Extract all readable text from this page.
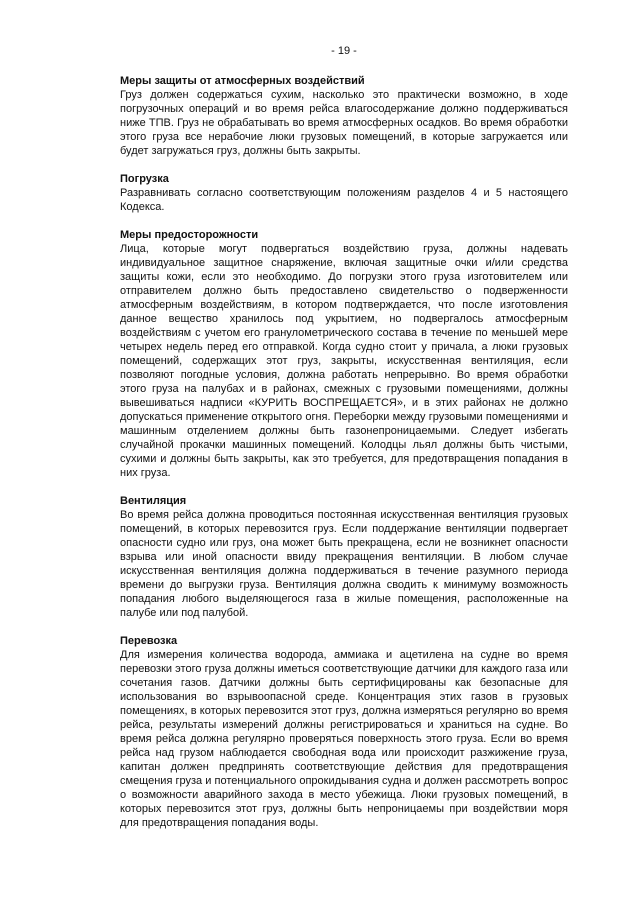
- 19 -

Меры защиты от атмосферных воздействий

Груз должен содержаться сухим, насколько это практически возможно, в ходе погрузочных операций и во время рейса влагосодержание должно поддерживаться ниже ТПВ. Груз не обрабатывать во время атмосферных осадков. Во время обработки этого груза все нерабочие люки грузовых помещений, в которые загружается или будет загружаться груз, должны быть закрыты.

Погрузка

Разравнивать согласно соответствующим положениям разделов 4 и 5 настоящего Кодекса.

Меры предосторожности

Лица, которые могут подвергаться воздействию груза, должны надевать индивидуальное защитное снаряжение, включая защитные очки и/или средства защиты кожи, если это необходимо. До погрузки этого груза изготовителем или отправителем должно быть предоставлено свидетельство о подверженности атмосферным воздействиям, в котором подтверждается, что после изготовления данное вещество хранилось под укрытием, но подвергалось атмосферным воздействиям с учетом его гранулометрического состава в течение по меньшей мере четырех недель перед его отправкой. Когда судно стоит у причала, а люки грузовых помещений, содержащих этот груз, закрыты, искусственная вентиляция, если позволяют погодные условия, должна работать непрерывно. Во время обработки этого груза на палубах и в районах, смежных с грузовыми помещениями, должны вывешиваться надписи «КУРИТЬ ВОСПРЕЩАЕТСЯ», и в этих районах не должно допускаться применение открытого огня. Переборки между грузовыми помещениями и машинным отделением должны быть газонепроницаемыми. Следует избегать случайной прокачки машинных помещений. Колодцы льял должны быть чистыми, сухими и должны быть закрыты, как это требуется, для предотвращения попадания в них груза.

Вентиляция

Во время рейса должна проводиться постоянная искусственная вентиляция грузовых помещений, в которых перевозится груз. Если поддержание вентиляции подвергает опасности судно или груз, она может быть прекращена, если не возникнет опасности взрыва или иной опасности ввиду прекращения вентиляции. В любом случае искусственная вентиляция должна поддерживаться в течение разумного периода времени до выгрузки груза. Вентиляция должна сводить к минимуму возможность попадания любого выделяющегося газа в жилые помещения, расположенные на палубе или под палубой.

Перевозка

Для измерения количества водорода, аммиака и ацетилена на судне во время перевозки этого груза должны иметься соответствующие датчики для каждого газа или сочетания газов. Датчики должны быть сертифицированы как безопасные для использования во взрывоопасной среде. Концентрация этих газов в грузовых помещениях, в которых перевозится этот груз, должна измеряться регулярно во время рейса, результаты измерений должны регистрироваться и храниться на судне. Во время рейса должна регулярно проверяться поверхность этого груза. Если во время рейса над грузом наблюдается свободная вода или происходит разжижение груза, капитан должен предпринять соответствующие действия для предотвращения смещения груза и потенциального опрокидывания судна и должен рассмотреть вопрос о возможности аварийного захода в место убежища. Люки грузовых помещений, в которых перевозится этот груз, должны быть непроницаемы при воздействии моря для предотвращения попадания воды.
